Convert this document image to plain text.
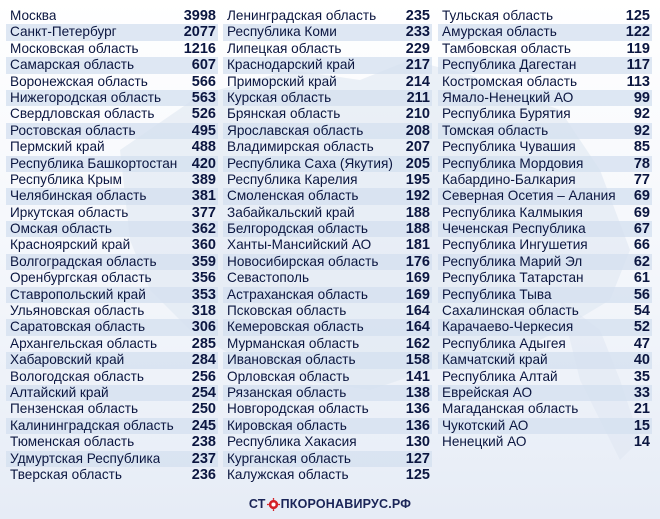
Москва	3998
Санкт-Петербург	2077
Московская область	1216
Самарская область	607
Воронежская область	566
Нижегородская область 563
Свердловская область	526
Ростовская область	495
Пермский край	488
Республика Башкортостан 420
Республика Крым	389
Челябинская область	381
Иркутская область	377
Омская область	362
Красноярский край	360
Волгоградская область 359
Оренбургская область	356
Ставропольский край	353
Ульяновская область	318
Саратовская область	306
Архангельская область 285
Хабаровский край	284
Вологодская область	256
Алтайский край	254
Пензенская область	250
Калининградская область 245
Тюменская область	238
Удмуртская Республика 237
Тверская область	236
Ленинградская область 235
Республика Коми	233
Липецкая область	229
Краснодарский край	217
Приморский край	214
Курская область	211
Брянская область	210
Ярославская область	208
Владимирская область 207
Республика Саха (Якутия) 205
Республика Карелия	195
Смоленская область	192
Забайкальский край	188
Белгородская область	188
Ханты-Мансийский АО 181
Новосибирская область 176
Севастополь	169
Астраханская область	169
Псковская область	164
Кемеровская область	164
Мурманская область	162
Ивановская область	158
Орловская область	141
Рязанская область	138
Новгородская область	136
Кировская область	136
Республика Хакасия	130
Курганская область	127
Калужская область	125
Тульская область	125
Амурская область	122
Тамбовская область	119
Республика Дагестан	117
Костромская область	113
Ямало-Ненецкий АО	99
Республика Бурятия	92
Томская область	92
Республика Чувашия	85
Республика Мордовия	78
Кабардино-Балкария	77
Северная Осетия – Алания 69
Республика Калмыкия	69
Чеченская Республика	67
Республика Ингушетия	66
Республика Марий Эл	62
Республика Татарстан	61
Республика Тыва	56
Сахалинская область	54
Карачаево-Черкесия	52
Республика Адыгея	47
Камчатский край	40
Республика Алтай	35
Еврейская АО	33
Магаданская область	21
Чукотский АО	15
Ненецкий АО	14
СТ ПКОРОНАВИРУС.РФ
